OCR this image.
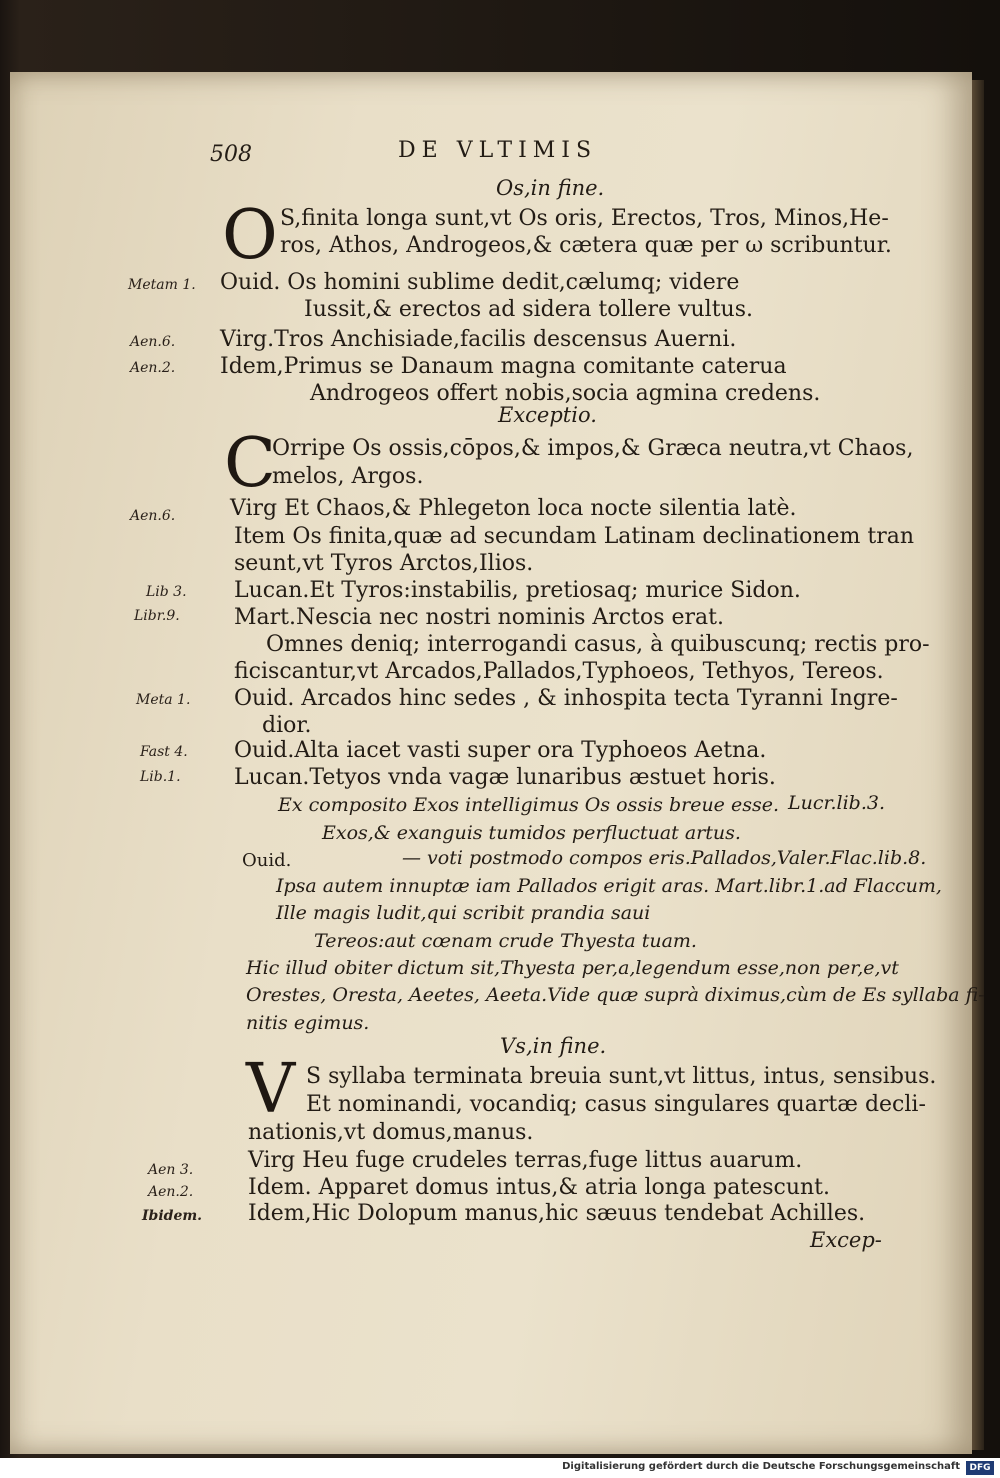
508	DE VLTIMIS
Os,in fine.
O S,finita longa sunt,vt Os oris, Erectos, Tros, Minos,He-
ros, Athos, Androgeos,& cætera quæ per ω scribuntur.
Metam 1. Ouid. Os homini sublime dedit,cælumq; videre
Iussit,& erectos ad sidera tollere vultus.
Aen.6. Virg.Tros Anchisiade,facilis descensus Auerni.
Aen.2. Idem,Primus se Danaum magna comitante caterua
Androgeos offert nobis,socia agmina credens.
Exceptio.
C
Orripe Os ossis,cōpos,& impos,& Græca neutra,vt Chaos,
melos, Argos.
Aen.6. Virg Et Chaos,& Phlegeton loca nocte silentia latè.
Item Os finita,quæ ad secundam Latinam declinationem tran
seunt,vt Tyros Arctos,Ilios.
Lib 3. Lucan.Et Tyros:instabilis, pretiosaq; murice Sidon.
Libr.9. Mart.Nescia nec nostri nominis Arctos erat.
Omnes deniq; interrogandi casus, à quibuscunq; rectis pro-
ficiscantur,vt Arcados,Pallados,Typhoeos, Tethyos, Tereos.
Meta 1. Ouid. Arcados hinc sedes , & inhospita tecta Tyranni Ingre-
dior.
Fast 4. Ouid.Alta iacet vasti super ora Typhoeos Aetna.
Lib.1. Lucan.Tetyos vnda vagæ lunaribus æstuet horis.
Ex composito Exos intelligimus Os ossis breue esse. Lucr.lib.3.
Exos,& exanguis tumidos perfluctuat artus.
Ouid.	— voti postmodo compos eris.Pallados,Valer.Flac.lib.8.
Ipsa autem innuptæ iam Pallados erigit aras. Mart.libr.1.ad Flaccum,
Ille magis ludit,qui scribit prandia saui
Tereos:aut cœnam crude Thyesta tuam.
Hic illud obiter dictum sit,Thyesta per,a,legendum esse,non per,e,vt
Orestes, Oresta, Aeetes, Aeeta.Vide quæ suprà diximus,cùm de Es syllaba fi-
nitis egimus.
Vs,in fine.
V S syllaba terminata breuia sunt,vt littus, intus, sensibus.
Et nominandi, vocandiq; casus singulares quartæ decli-
nationis,vt domus,manus.
Aen 3. Virg Heu fuge crudeles terras,fuge littus auarum.
Aen.2. Idem. Apparet domus intus,& atria longa patescunt.
Ibidem. Idem,Hic Dolopum manus,hic sæuus tendebat Achilles.
Excep-
Digitalisierung gefördert durch die Deutsche Forschungsgemeinschaft	DFG
